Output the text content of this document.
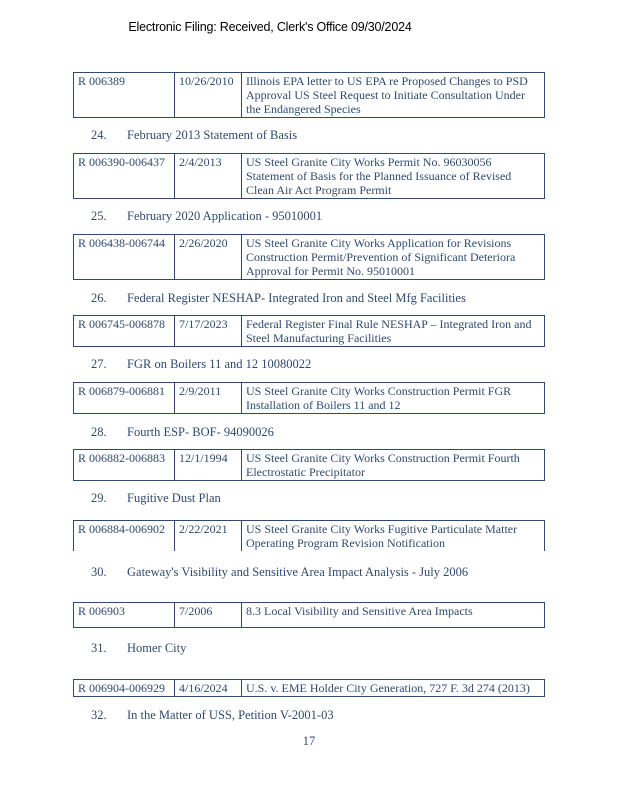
Electronic Filing: Received, Clerk's Office 09/30/2024
R 006389	10/26/2010	Illinois EPA letter to US EPA re Proposed Changes to PSD
Approval US Steel Request to Initiate Consultation Under
the Endangered Species
24. February 2013 Statement of Basis
R 006390-006437	2/4/2013	US Steel Granite City Works Permit No. 96030056
Statement of Basis for the Planned Issuance of Revised
Clean Air Act Program Permit
25. February 2020 Application - 95010001
R 006438-006744	2/26/2020	US Steel Granite City Works Application for Revisions
Construction Permit/Prevention of Significant Deteriora
Approval for Permit No. 95010001
26. Federal Register NESHAP- Integrated Iron and Steel Mfg Facilities
R 006745-006878	7/17/2023	Federal Register Final Rule NESHAP – Integrated Iron and
Steel Manufacturing Facilities
27. FGR on Boilers 11 and 12 10080022
R 006879-006881	2/9/2011	US Steel Granite City Works Construction Permit FGR
Installation of Boilers 11 and 12
28. Fourth ESP- BOF- 94090026
R 006882-006883	12/1/1994	US Steel Granite City Works Construction Permit Fourth
Electrostatic Precipitator
29. Fugitive Dust Plan
R 006884-006902	2/22/2021	US Steel Granite City Works Fugitive Particulate Matter
Operating Program Revision Notification
30. Gateway's Visibility and Sensitive Area Impact Analysis - July 2006
R 006903	7/2006	8.3 Local Visibility and Sensitive Area Impacts
31. Homer City
R 006904-006929	4/16/2024	U.S. v. EME Holder City Generation, 727 F. 3d 274 (2013)
32. In the Matter of USS, Petition V-2001-03
17
